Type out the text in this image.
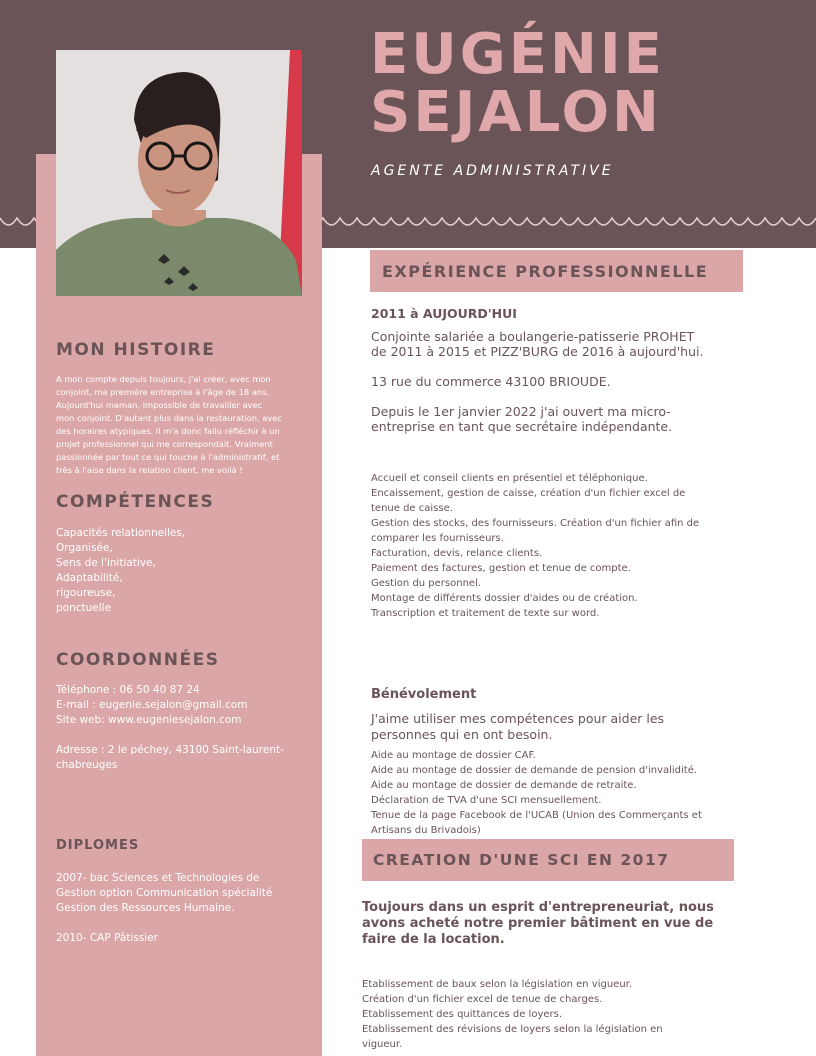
EUGÉNIE
SEJALON

AGENTE ADMINISTRATIVE

MON HISTOIRE
A mon compte depuis toujours, j'ai créer, avec mon
conjoint, ma première entreprise à l'âge de 18 ans.
Aujourd'hui maman, impossible de travailler avec
mon conjoint. D'autant plus dans la restauration, avec
des horaires atypiques. Il m'a donc fallu réfléchir à un
projet professionnel qui me correspondait. Vraiment
passionnée par tout ce qui touche à l'administratif, et
très à l'aise dans la relation client, me voilà !
COMPÉTENCES
Capacités relationnelles,
Organisée,
Sens de l'initiative,
Adaptabilité,
rigoureuse,
ponctuelle
COORDONNÉES
Téléphone : 06 50 40 87 24
E-mail : eugenie.sejalon@gmail.com
Site web: www.eugeniesejalon.com
Adresse : 2 le péchey, 43100 Saint-laurent-
chabreuges
DIPLOMES
2007- bac Sciences et Technologies de
Gestion option Communication spécialité
Gestion des Ressources Humaine.
2010- CAP Pâtissier
EXPÉRIENCE PROFESSIONNELLE
2011 à AUJOURD'HUI
Conjointe salariée a boulangerie-patisserie PROHET
de 2011 à 2015 et PIZZ'BURG de 2016 à aujourd'hui.
13 rue du commerce 43100 BRIOUDE.
Depuis le 1er janvier 2022 j'ai ouvert ma micro-
entreprise en tant que secrétaire indépendante.
Accueil et conseil clients en présentiel et téléphonique.
Encaissement, gestion de caisse, création d'un fichier excel de
tenue de caisse.
Gestion des stocks, des fournisseurs. Création d'un fichier afin de
comparer les fournisseurs.
Facturation, devis, relance clients.
Paiement des factures, gestion et tenue de compte.
Gestion du personnel.
Montage de différents dossier d'aides ou de création.
Transcription et traitement de texte sur word.
Bénévolement
J'aime utiliser mes compétences pour aider les
personnes qui en ont besoin.
Aide au montage de dossier CAF.
Aide au montage de dossier de demande de pension d'invalidité.
Aide au montage de dossier de demande de retraite.
Déclaration de TVA d'une SCI mensuellement.
Tenue de la page Facebook de l'UCAB (Union des Commerçants et
Artisans du Brivadois)
CREATION D'UNE SCI EN 2017
Toujours dans un esprit d'entrepreneuriat, nous
avons acheté notre premier bâtiment en vue de
faire de la location.
Etablissement de baux selon la législation en vigueur.
Création d'un fichier excel de tenue de charges.
Etablissement des quittances de loyers.
Etablissement des révisions de loyers selon la législation en
vigueur.
